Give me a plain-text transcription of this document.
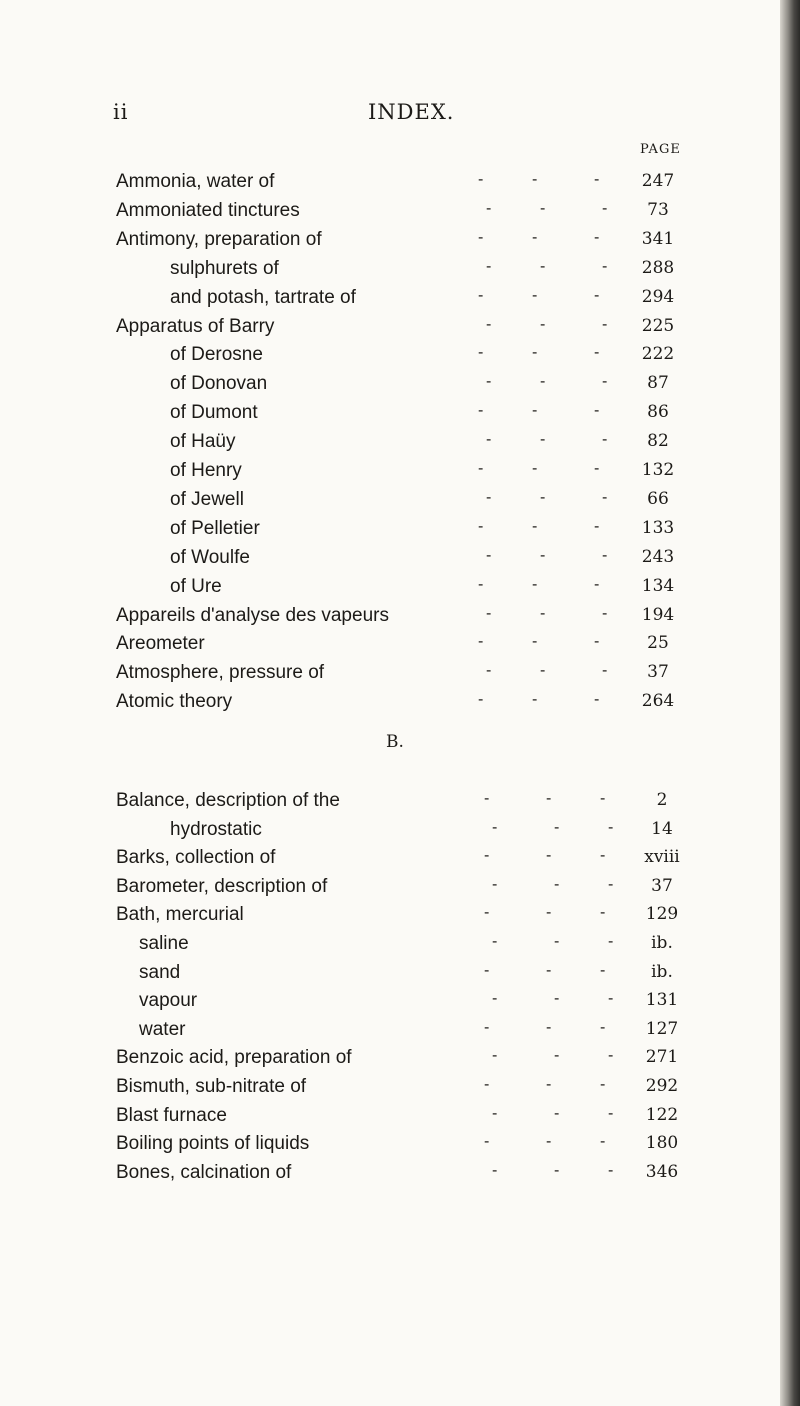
ii	INDEX.
PAGE
Ammonia, water of	-	-	-	247
Ammoniated tinctures	-	-	-	73
Antimony, preparation of	-	-	-	341
sulphurets of	-	-	-	288
and potash, tartrate of	-	-	-	294
Apparatus of Barry	-	-	-	225
of Derosne	-	-	-	222
of Donovan	-	-	-	87
of Dumont	-	-	-	86
of Haüy	-	-	-	82
of Henry	-	-	-	132
of Jewell	-	-	-	66
of Pelletier	-	-	-	133
of Woulfe	-	-	-	243
of Ure	-	-	-	134
Appareils d'analyse des vapeurs	-	-	-	194
Areometer	-	-	-	25
Atmosphere, pressure of	-	-	-	37
Atomic theory	-	-	-	264
B.
Balance, description of the	-	-	-	2
hydrostatic	-	-	-	14
Barks, collection of	-	-	-	xviii
Barometer, description of	-	-	-	37
Bath, mercurial	-	-	-	129
saline	-	-	-	ib.
sand	-	-	-	ib.
vapour	-	-	-	131
water	-	-	-	127
Benzoic acid, preparation of	-	-	-	271
Bismuth, sub-nitrate of	-	-	-	292
Blast furnace	-	-	-	122
Boiling points of liquids	-	-	-	180
Bones, calcination of	-	-	-	346
